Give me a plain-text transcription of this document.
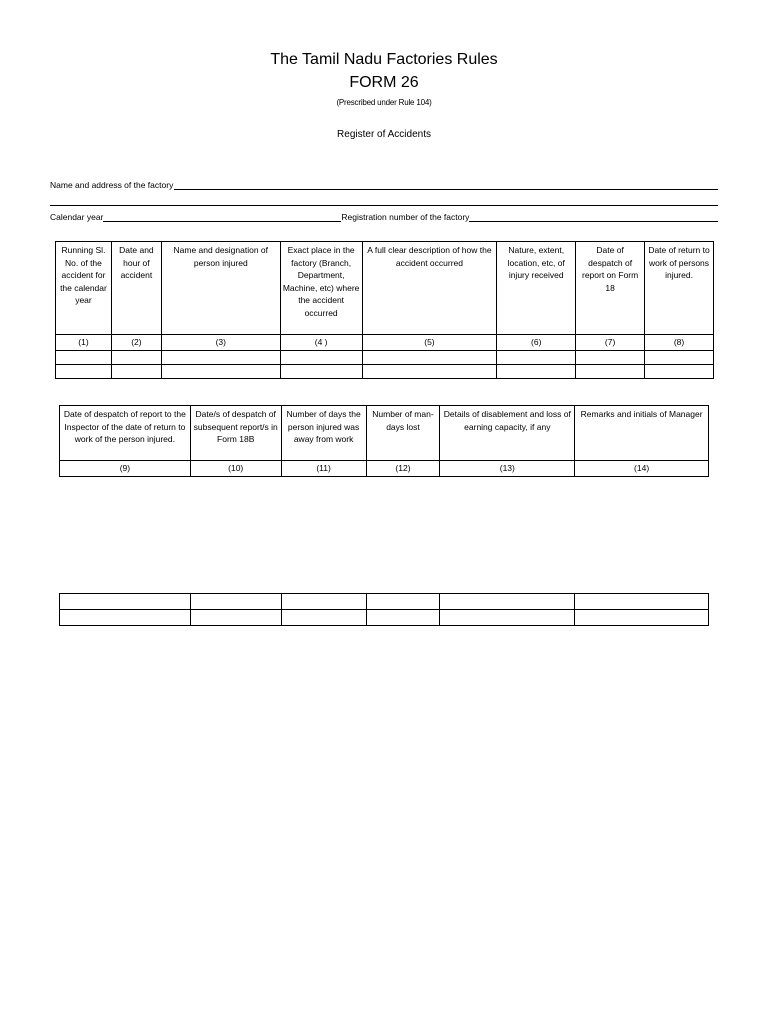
The Tamil Nadu Factories Rules
FORM 26
(Prescribed under Rule 104)
Register of Accidents
Name and address of the factory
Calendar year	Registration number of the factory
Running Sl. No. of the accident for the calendar year	Date and hour of accident	Name and designation of person injured	Exact place in the factory (Branch, Department, Machine, etc) where the accident occurred	A full clear description of how the accident occurred	Nature, extent, location, etc, of injury received	Date of despatch of report on Form 18	Date of return to work of persons injured.
(1)	(2)	(3)	(4 )	(5)	(6)	(7)	(8)

Date of despatch of report to the Inspector of the date of return to work of the person injured.	Date/s of despatch of subsequent report/s in Form 18B	Number of days the person injured was away from work	Number of man-days lost	Details of disablement and loss of earning capacity, if any	Remarks and initials of Manager
(9)	(10)	(11)	(12)	(13)	(14)
